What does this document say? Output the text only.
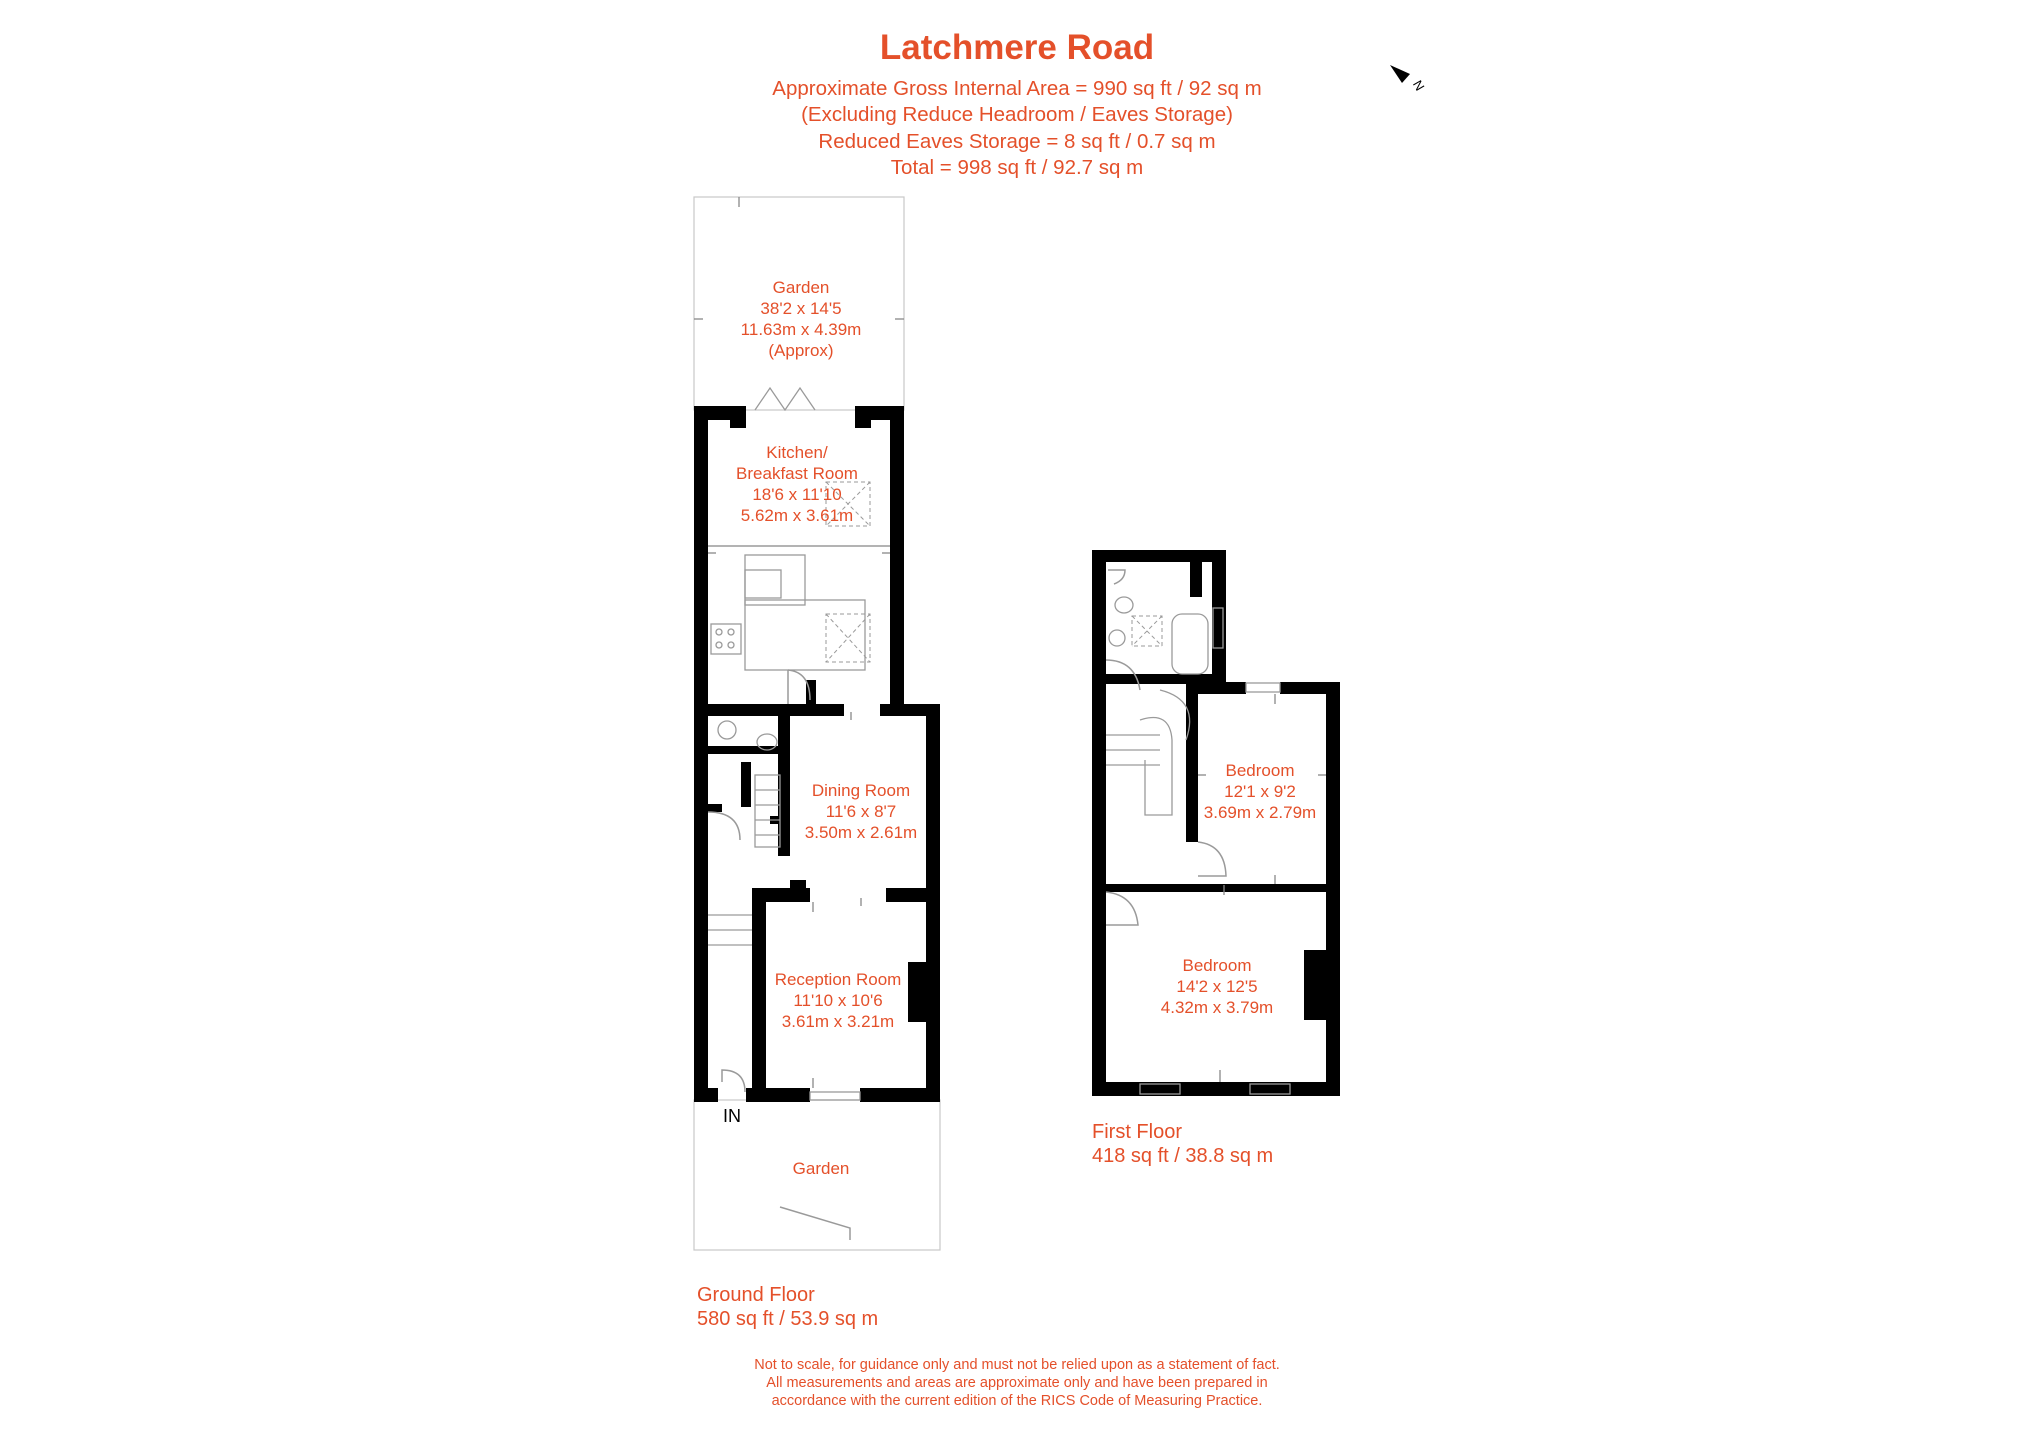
Latchmere Road
Approximate Gross Internal Area = 990 sq ft / 92 sq m
(Excluding Reduce Headroom / Eaves Storage)
Reduced Eaves Storage = 8 sq ft / 0.7 sq m
Total = 998 sq ft / 92.7 sq m
N
Garden
38'2 x 14'5
11.63m x 4.39m
(Approx)
Kitchen/
Breakfast Room
18'6 x 11'10
5.62m x 3.61m
Dining Room
11'6 x 8'7
3.50m x 2.61m
Reception Room
11'10 x 10'6
3.61m x 3.21m
IN
Garden
Bedroom
12'1 x 9'2
3.69m x 2.79m
Bedroom
14'2 x 12'5
4.32m x 3.79m
Ground Floor
580 sq ft / 53.9 sq m
First Floor
418 sq ft / 38.8 sq m
Not to scale, for guidance only and must not be relied upon as a statement of fact.
All measurements and areas are approximate only and have been prepared in
accordance with the current edition of the RICS Code of Measuring Practice.
